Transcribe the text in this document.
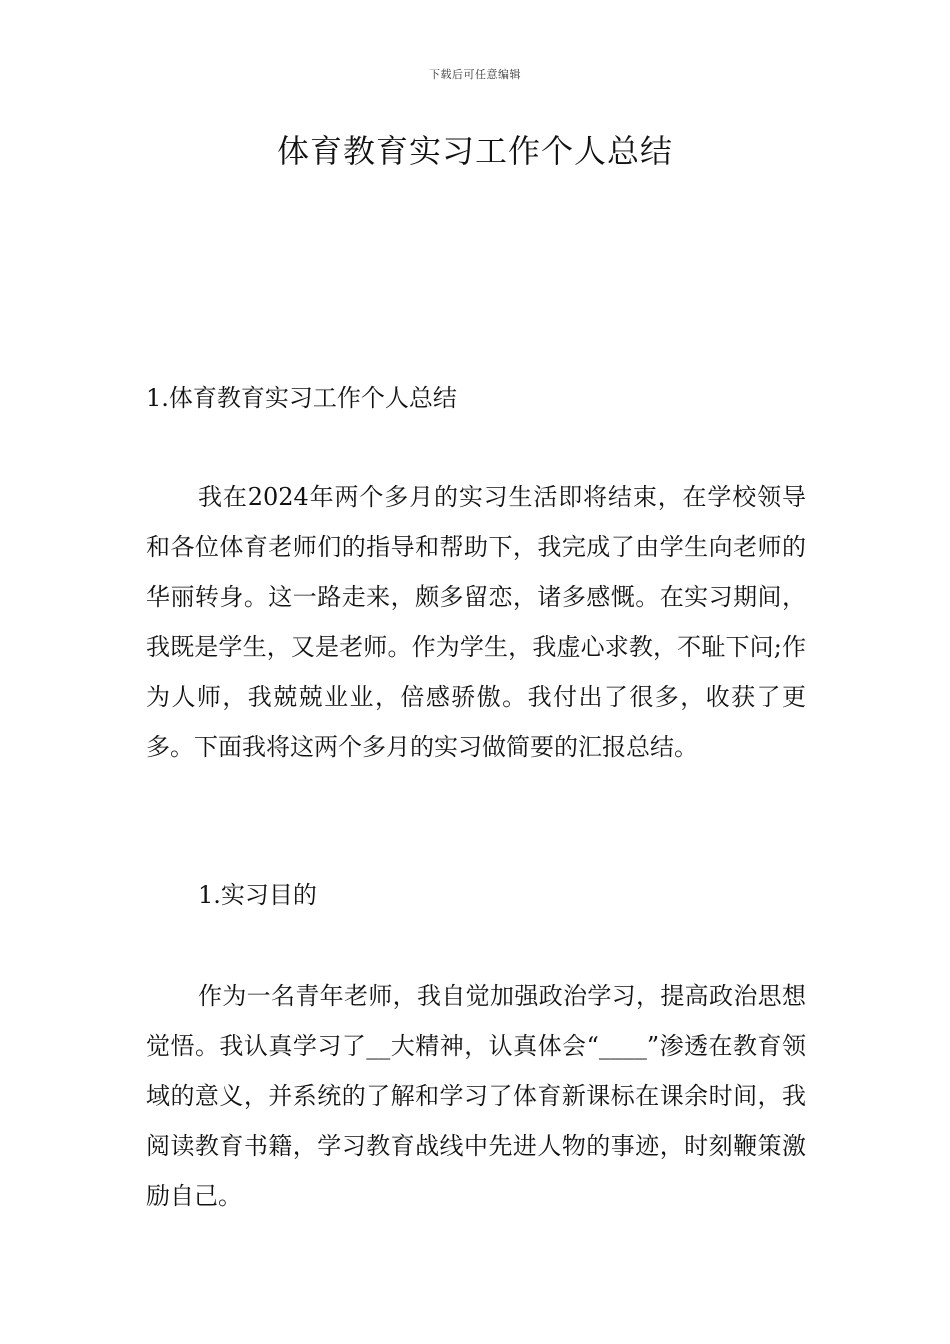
下载后可任意编辑
体育教育实习工作个人总结
1.体育教育实习工作个人总结

我在2024年两个多月的实习生活即将结束，在学校领导和各位体育老师们的指导和帮助下，我完成了由学生向老师的华丽转身。这一路走来，颇多留恋，诸多感慨。在实习期间，我既是学生，又是老师。作为学生，我虚心求教，不耻下问;作为人师，我兢兢业业，倍感骄傲。我付出了很多，收获了更多。下面我将这两个多月的实习做简要的汇报总结。

1.实习目的

作为一名青年老师，我自觉加强政治学习，提高政治思想觉悟。我认真学习了__大精神，认真体会“____”渗透在教育领域的意义，并系统的了解和学习了体育新课标在课余时间，我阅读教育书籍，学习教育战线中先进人物的事迹，时刻鞭策激励自己。
